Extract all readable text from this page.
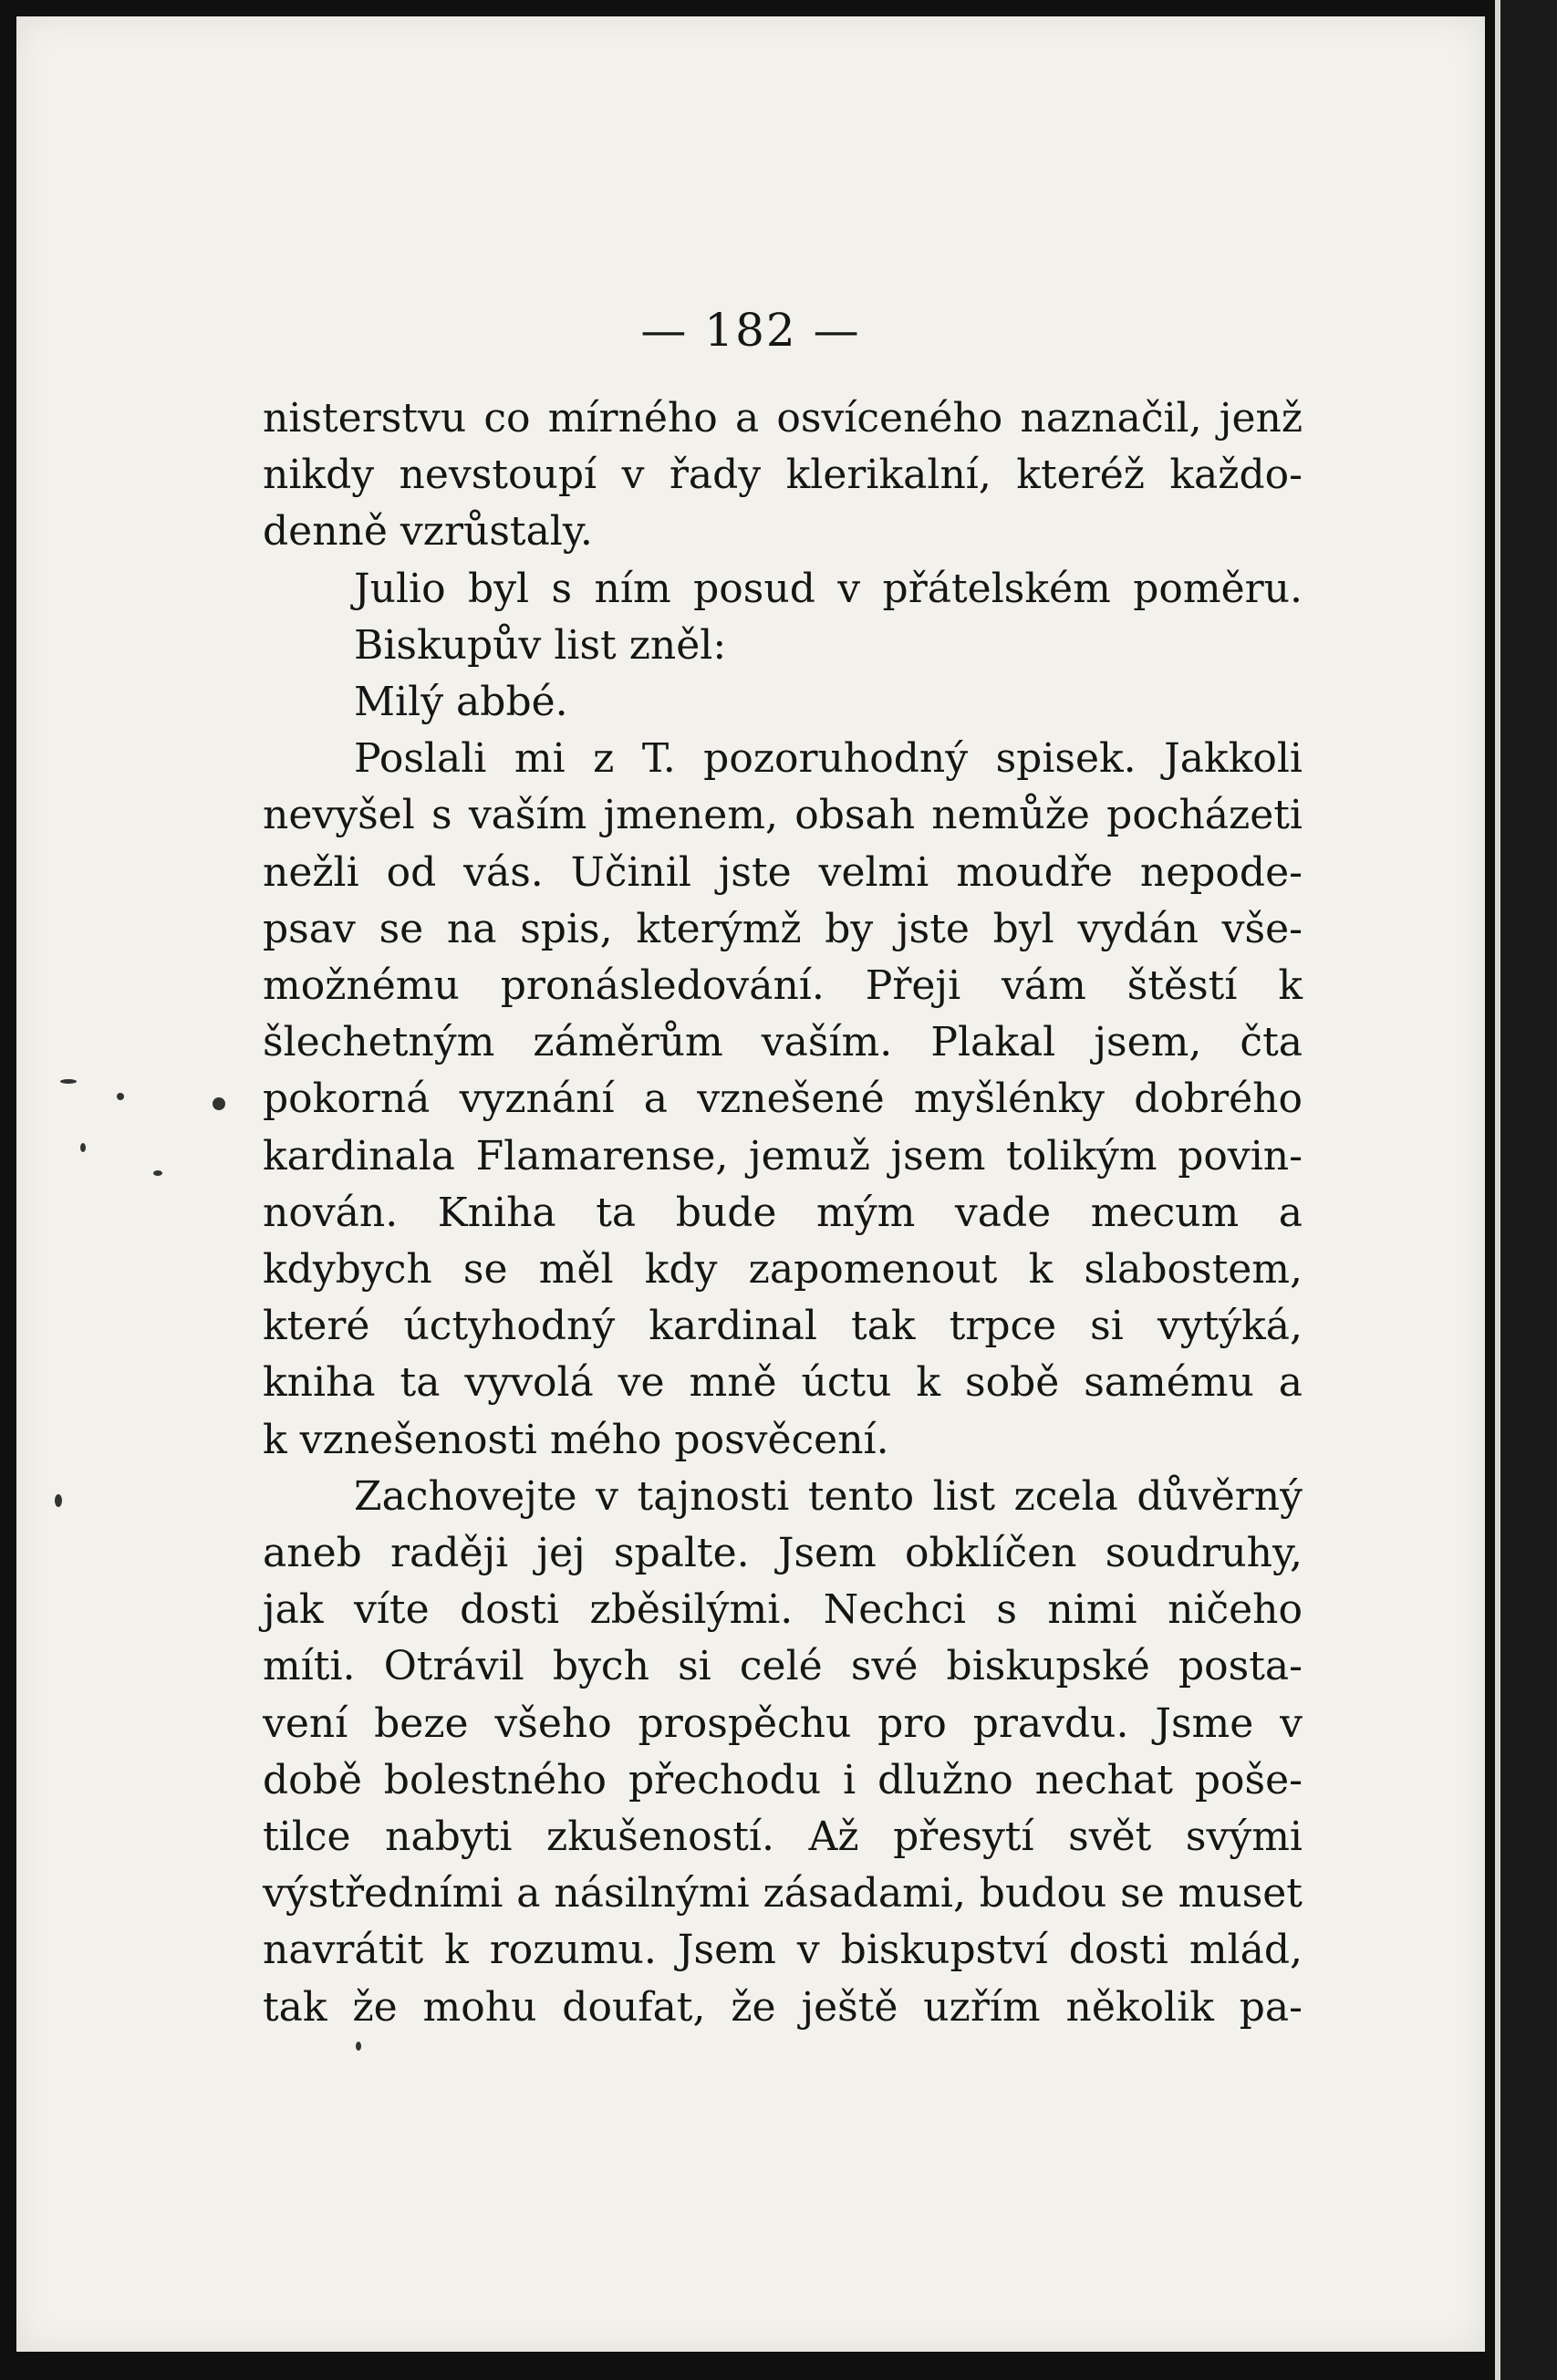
— 182 —
nisterstvu co mírného a osvíceného naznačil, jenž
nikdy nevstoupí v řady klerikalní, kteréž každo-
denně vzrůstaly.
Julio byl s ním posud v přátelském poměru.
Biskupův list zněl:
Milý abbé.
Poslali mi z T. pozoruhodný spisek. Jakkoli
nevyšel s vaším jmenem, obsah nemůže pocházeti
nežli od vás. Učinil jste velmi moudře nepode-
psav se na spis, kterýmž by jste byl vydán vše-
možnému pronásledování. Přeji vám štěstí k
šlechetným záměrům vaším. Plakal jsem, čta
pokorná vyznání a vznešené myšlénky dobrého
kardinala Flamarense, jemuž jsem tolikým povin-
nován. Kniha ta bude mým vade mecum a
kdybych se měl kdy zapomenout k slabostem,
které úctyhodný kardinal tak trpce si vytýká,
kniha ta vyvolá ve mně úctu k sobě samému a
k vznešenosti mého posvěcení.
Zachovejte v tajnosti tento list zcela důvěrný
aneb raději jej spalte. Jsem obklíčen soudruhy,
jak víte dosti zběsilými. Nechci s nimi ničeho
míti. Otrávil bych si celé své biskupské posta-
vení beze všeho prospěchu pro pravdu. Jsme v
době bolestného přechodu i dlužno nechat poše-
tilce nabyti zkušeností. Až přesytí svět svými
výstředními a násilnými zásadami, budou se muset
navrátit k rozumu. Jsem v biskupství dosti mlád,
tak že mohu doufat, že ještě uzřím několik pa-
